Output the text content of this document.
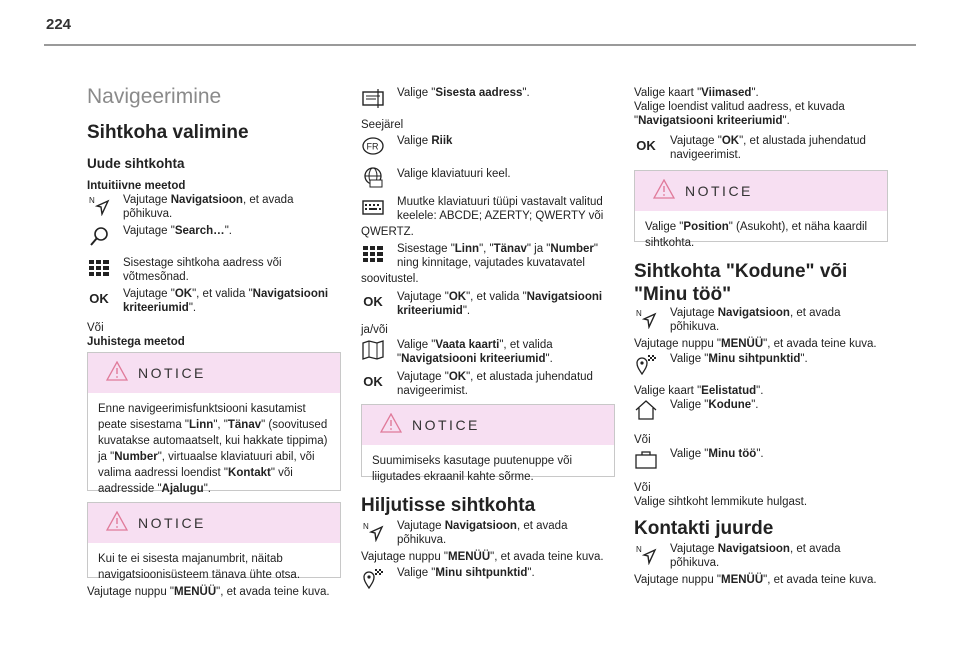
224
Navigeerimine
Sihtkoha valimine
Uude sihtkohta
Intuitiivne meetod
N Vajutage Navigatsioon, et avada
põhikuva.
Vajutage "Search…".
Sisestage sihtkoha aadress või
võtmesõnad.
OK Vajutage "OK", et valida "Navigatsiooni
kriteeriumid".
Või
Juhistega meetod
NOTICE
Enne navigeerimisfunktsiooni kasutamist
peate sisestama "Linn", "Tänav" (soovitused
kuvatakse automaatselt, kui hakkate tippima)
ja "Number", virtuaalse klaviatuuri abil, või
valima aadressi loendist "Kontakt" või
aadresside "Ajalugu".
NOTICE
Kui te ei sisesta majanumbrit, näitab
navigatsioonisüsteem tänava ühte otsa.
Vajutage nuppu "MENÜÜ", et avada teine kuva.
Valige "Sisesta aadress".
Seejärel
FR Valige Riik
Valige klaviatuuri keel.
Muutke klaviatuuri tüüpi vastavalt valitud
keelele: ABCDE; AZERTY; QWERTY või
QWERTZ.
Sisestage "Linn", "Tänav" ja "Number"
ning kinnitage, vajutades kuvatavatel
soovitustel.
OK Vajutage "OK", et valida "Navigatsiooni
kriteeriumid".
ja/või
Valige "Vaata kaarti", et valida
"Navigatsiooni kriteeriumid".
OK Vajutage "OK", et alustada juhendatud
navigeerimist.
NOTICE
Suumimiseks kasutage puutenuppe või
liigutades ekraanil kahte sõrme.
Hiljutisse sihtkohta
N Vajutage Navigatsioon, et avada
põhikuva.
Vajutage nuppu "MENÜÜ", et avada teine kuva.
Valige "Minu sihtpunktid".
Valige kaart "Viimased".
Valige loendist valitud aadress, et kuvada
"Navigatsiooni kriteeriumid".
OK Vajutage "OK", et alustada juhendatud
navigeerimist.
NOTICE
Valige "Position" (Asukoht), et näha kaardil
sihtkohta.
Sihtkohta "Kodune" või
"Minu töö"
N Vajutage Navigatsioon, et avada
põhikuva.
Vajutage nuppu "MENÜÜ", et avada teine kuva.
Valige "Minu sihtpunktid".
Valige kaart "Eelistatud".
Valige "Kodune".
Või
Valige "Minu töö".
Või
Valige sihtkoht lemmikute hulgast.
Kontakti juurde
N Vajutage Navigatsioon, et avada
põhikuva.
Vajutage nuppu "MENÜÜ", et avada teine kuva.
